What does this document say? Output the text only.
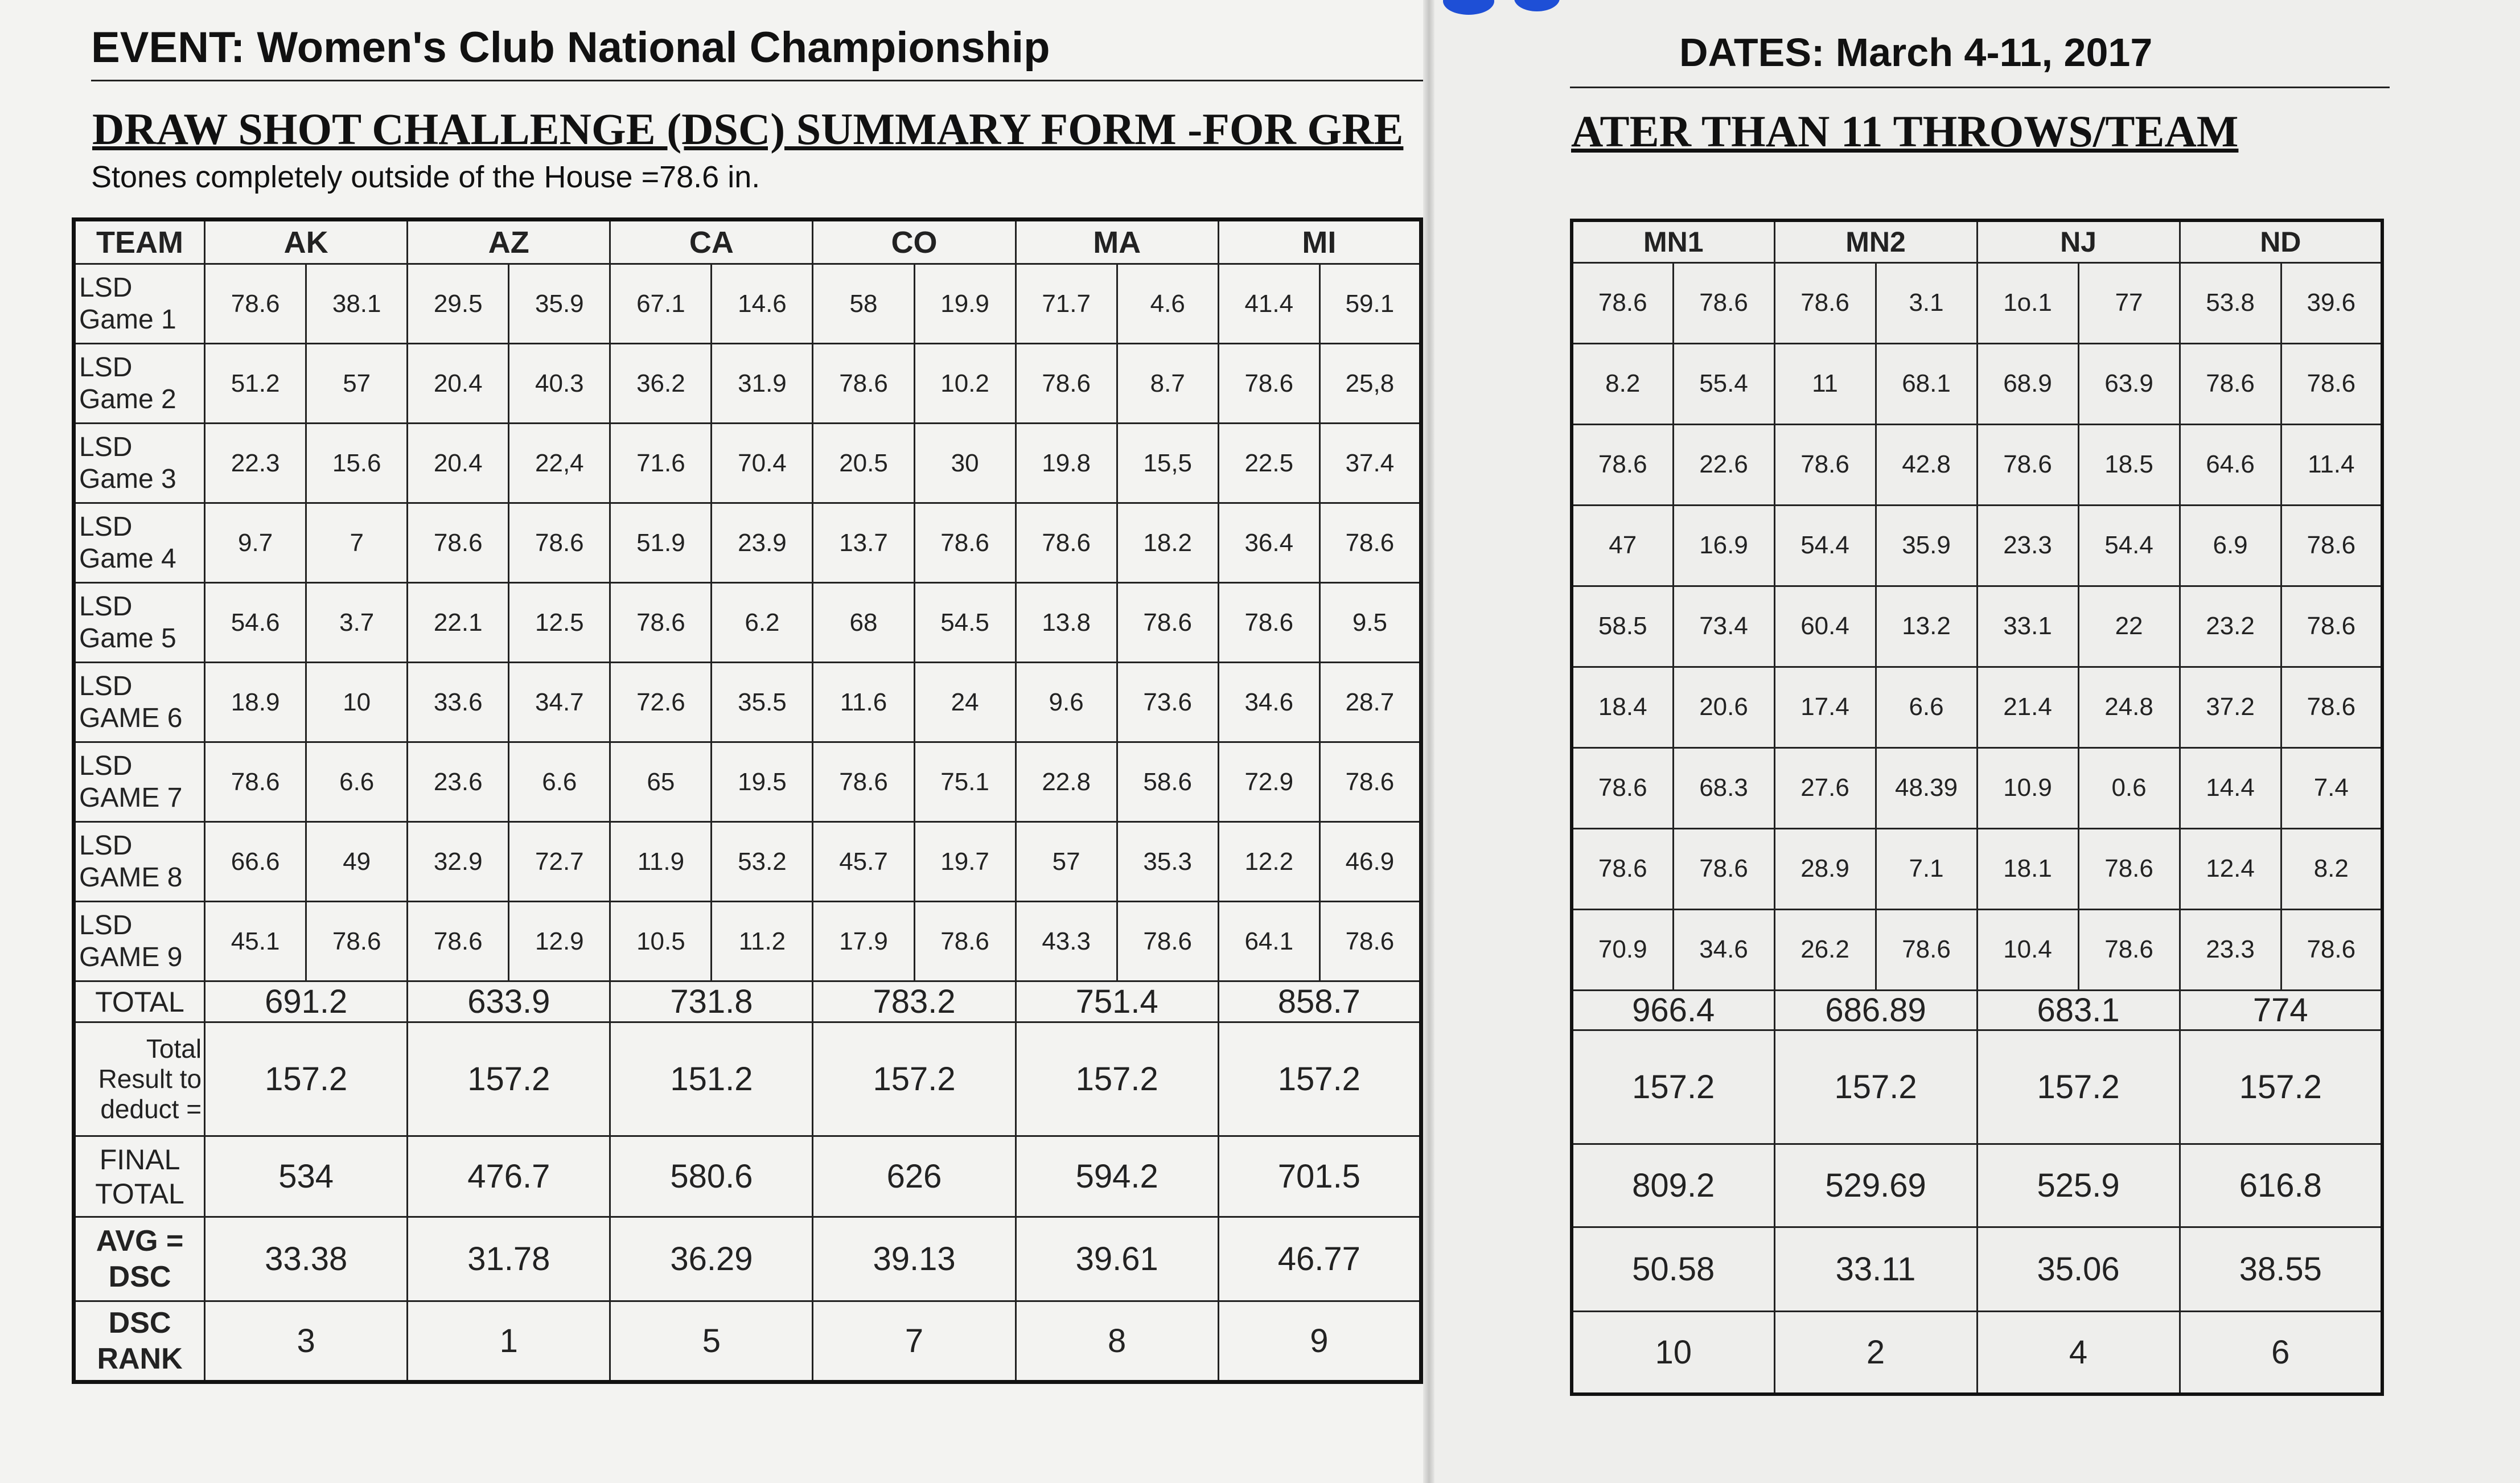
EVENT: Women's Club National Championship	DATES: March 4-11, 2017
DRAW SHOT CHALLENGE (DSC) SUMMARY FORM -FOR GRE	ATER THAN 11 THROWS/TEAM
Stones completely outside of the House =78.6 in.
TEAM	AK		AZ		CA		CO		MA		MI	

LSD
Game 1	78.6	38.1	29.5	35.9	67.1	14.6	58	19.9	71.7	4.6	41.4	59.1

LSD
Game 2	51.2	57	20.4	40.3	36.2	31.9	78.6	10.2	78.6	8.7	78.6	25,8

LSD
Game 3	22.3	15.6	20.4	22,4	71.6	70.4	20.5	30	19.8	15,5	22.5	37.4

LSD
Game 4	9.7	7	78.6	78.6	51.9	23.9	13.7	78.6	78.6	18.2	36.4	78.6

LSD
Game 5	54.6	3.7	22.1	12.5	78.6	6.2	68	54.5	13.8	78.6	78.6	9.5

LSD
GAME 6	18.9	10	33.6	34.7	72.6	35.5	11.6	24	9.6	73.6	34.6	28.7

LSD
GAME 7	78.6	6.6	23.6	6.6	65	19.5	78.6	75.1	22.8	58.6	72.9	78.6

LSD
GAME 8	66.6	49	32.9	72.7	11.9	53.2	45.7	19.7	57	35.3	12.2	46.9

LSD
GAME 9	45.1	78.6	78.6	12.9	10.5	11.2	17.9	78.6	43.3	78.6	64.1	78.6

TOTAL	691.2		633.9		731.8		783.2		751.4		858.7	

Total
Result to
deduct =	157.2		157.2		151.2		157.2		157.2		157.2	

FINAL
TOTAL	534		476.7		580.6		626		594.2		701.5	

AVG =
DSC	33.38		31.78		36.29		39.13		39.61		46.77	

DSC
RANK	3		1		5		7		8		9	
MN1		MN2		NJ		ND	
78.6	78.6	78.6	3.1	1o.1	77	53.8	39.6
8.2	55.4	11	68.1	68.9	63.9	78.6	78.6
78.6	22.6	78.6	42.8	78.6	18.5	64.6	11.4
47	16.9	54.4	35.9	23.3	54.4	6.9	78.6
58.5	73.4	60.4	13.2	33.1	22	23.2	78.6
18.4	20.6	17.4	6.6	21.4	24.8	37.2	78.6
78.6	68.3	27.6	48.39	10.9	0.6	14.4	7.4
78.6	78.6	28.9	7.1	18.1	78.6	12.4	8.2
70.9	34.6	26.2	78.6	10.4	78.6	23.3	78.6
966.4		686.89		683.1		774	
157.2		157.2		157.2		157.2	
809.2		529.69		525.9		616.8	
50.58		33.11		35.06		38.55	
10		2		4		6	
